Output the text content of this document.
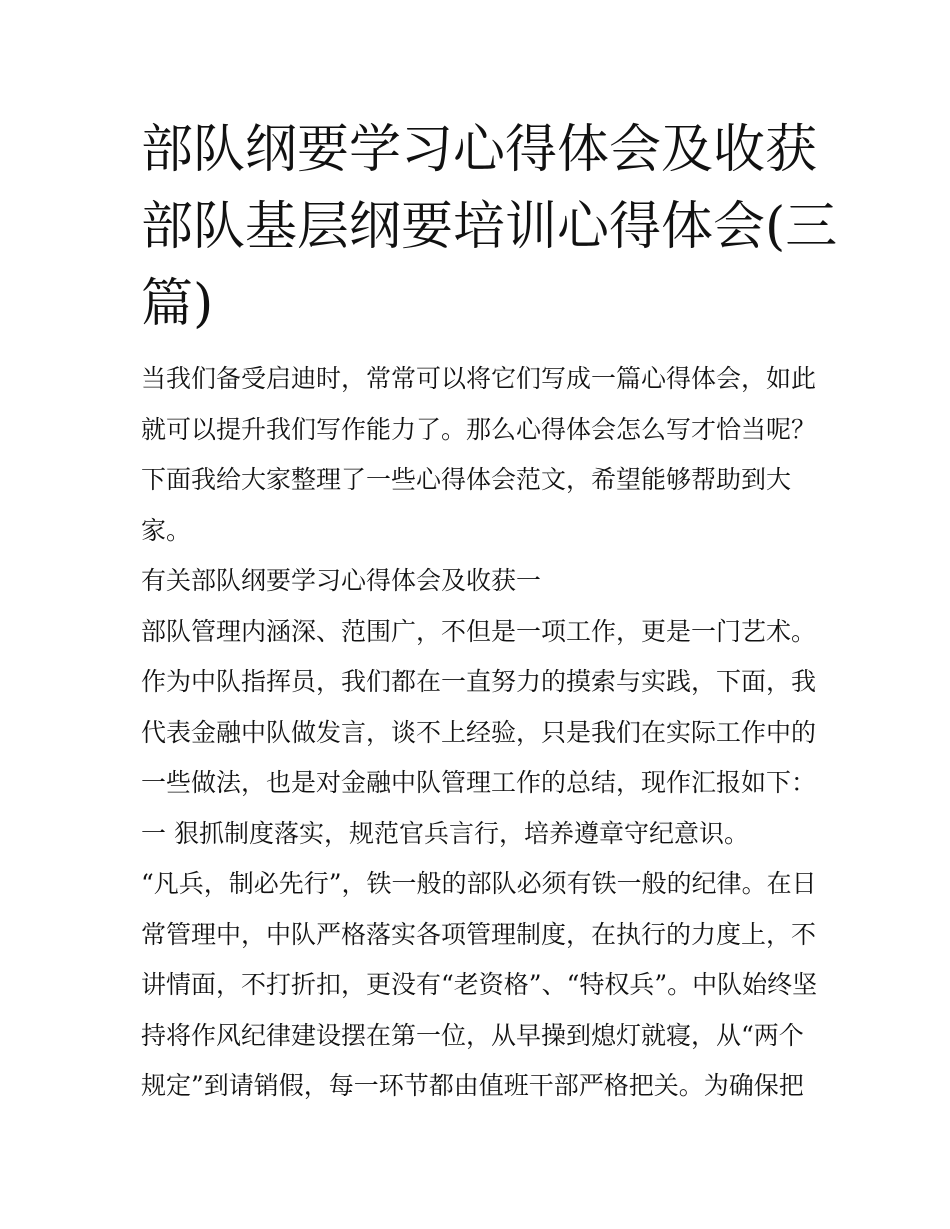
部队纲要学习心得体会及收获
部队基层纲要培训心得体会(三
篇)

当我们备受启迪时，常常可以将它们写成一篇心得体会，如此

就可以提升我们写作能力了。那么心得体会怎么写才恰当呢？

下面我给大家整理了一些心得体会范文，希望能够帮助到大

家。

有关部队纲要学习心得体会及收获一

部队管理内涵深、范围广，不但是一项工作，更是一门艺术。

作为中队指挥员，我们都在一直努力的摸索与实践，下面，我

代表金融中队做发言，谈不上经验，只是我们在实际工作中的

一些做法，也是对金融中队管理工作的总结，现作汇报如下：

一 狠抓制度落实，规范官兵言行，培养遵章守纪意识。

“凡兵，制必先行”，铁一般的部队必须有铁一般的纪律。在日

常管理中，中队严格落实各项管理制度，在执行的力度上，不

讲情面，不打折扣，更没有“老资格”、“特权兵”。中队始终坚

持将作风纪律建设摆在第一位，从早操到熄灯就寝，从“两个

规定”到请销假，每一环节都由值班干部严格把关。为确保把
